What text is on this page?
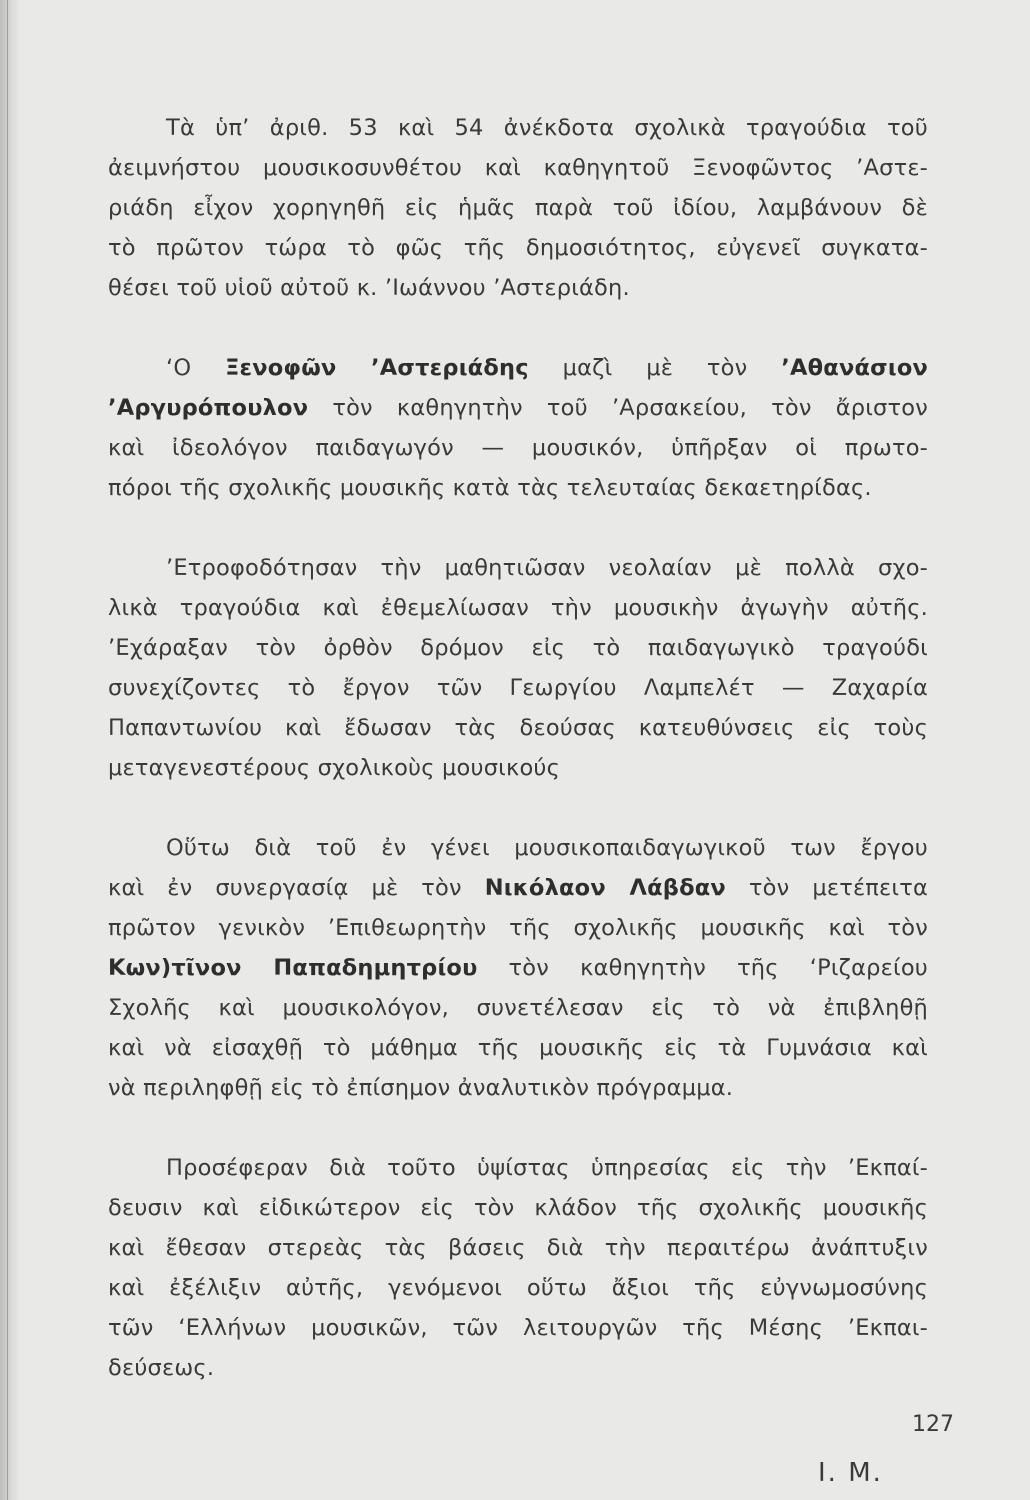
Τὰ ὑπ’ ἀριθ. 53 καὶ 54 ἀνέκδοτα σχολικὰ τραγούδια τοῦ
ἀειμνήστου μουσικοσυνθέτου καὶ καθηγητοῦ Ξενοφῶντος ’Αστε-
ριάδη εἶχον χορηγηθῆ εἰς ἡμᾶς παρὰ τοῦ ἰδίου, λαμβάνουν δὲ
τὸ πρῶτον τώρα τὸ φῶς τῆς δημοσιότητος, εὐγενεῖ συγκατα-
θέσει τοῦ υἱοῦ αὐτοῦ κ. ’Ιωάννου ’Αστεριάδη.
‘Ο Ξενοφῶν ’Αστεριάδης μαζὶ μὲ τὸν ’Αθανάσιον
’Αργυρόπουλον τὸν καθηγητὴν τοῦ ’Αρσακείου, τὸν ἄριστον
καὶ ἰδεολόγον παιδαγωγόν — μουσικόν, ὑπῆρξαν οἱ πρωτο-
πόροι τῆς σχολικῆς μουσικῆς κατὰ τὰς τελευταίας δεκαετηρίδας.
’Ετροφοδότησαν τὴν μαθητιῶσαν νεολαίαν μὲ πολλὰ σχο-
λικὰ τραγούδια καὶ ἐθεμελίωσαν τὴν μουσικὴν ἀγωγὴν αὐτῆς.
’Εχάραξαν τὸν ὀρθὸν δρόμον εἰς τὸ παιδαγωγικὸ τραγούδι
συνεχίζοντες τὸ ἔργον τῶν Γεωργίου Λαμπελέτ — Ζαχαρία
Παπαντωνίου καὶ ἔδωσαν τὰς δεούσας κατευθύνσεις εἰς τοὺς
μεταγενεστέρους σχολικοὺς μουσικούς
Οὕτω διὰ τοῦ ἐν γένει μουσικοπαιδαγωγικοῦ των ἔργου
καὶ ἐν συνεργασίᾳ μὲ τὸν Νικόλαον Λάβδαν τὸν μετέπειτα
πρῶτον γενικὸν ’Επιθεωρητὴν τῆς σχολικῆς μουσικῆς καὶ τὸν
Κων)τῖνον Παπαδημητρίου τὸν καθηγητὴν τῆς ‘Ριζαρείου
Σχολῆς καὶ μουσικολόγον, συνετέλεσαν εἰς τὸ νὰ ἐπιβληθῇ
καὶ νὰ εἰσαχθῇ τὸ μάθημα τῆς μουσικῆς εἰς τὰ Γυμνάσια καὶ
νὰ περιληφθῇ εἰς τὸ ἐπίσημον ἀναλυτικὸν πρόγραμμα.
Προσέφεραν διὰ τοῦτο ὑψίστας ὑπηρεσίας εἰς τὴν ’Εκπαί-
δευσιν καὶ εἰδικώτερον εἰς τὸν κλάδον τῆς σχολικῆς μουσικῆς
καὶ ἔθεσαν στερεὰς τὰς βάσεις διὰ τὴν περαιτέρω ἀνάπτυξιν
καὶ ἐξέλιξιν αὐτῆς, γενόμενοι οὕτω ἄξιοι τῆς εὐγνωμοσύνης
τῶν ‘Ελλήνων μουσικῶν, τῶν λειτουργῶν τῆς Μέσης ’Εκπαι-
δεύσεως.
127
Ι. Μ.
